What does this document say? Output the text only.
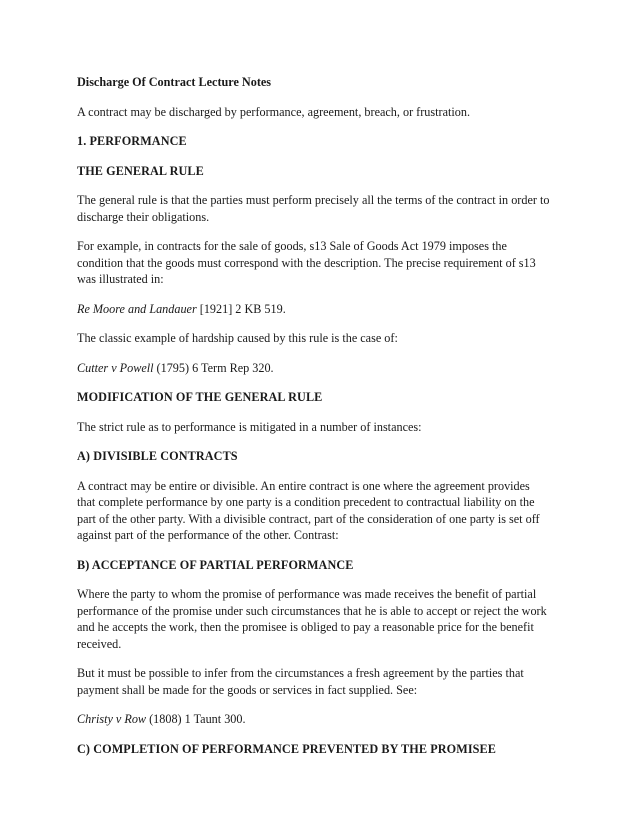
Discharge Of Contract Lecture Notes
A contract may be discharged by performance, agreement, breach, or frustration.
1. PERFORMANCE
THE GENERAL RULE
The general rule is that the parties must perform precisely all the terms of the contract in order to
discharge their obligations.
For example, in contracts for the sale of goods, s13 Sale of Goods Act 1979 imposes the
condition that the goods must correspond with the description. The precise requirement of s13
was illustrated in:
Re Moore and Landauer [1921] 2 KB 519.
The classic example of hardship caused by this rule is the case of:
Cutter v Powell (1795) 6 Term Rep 320.
MODIFICATION OF THE GENERAL RULE
The strict rule as to performance is mitigated in a number of instances:
A) DIVISIBLE CONTRACTS
A contract may be entire or divisible. An entire contract is one where the agreement provides
that complete performance by one party is a condition precedent to contractual liability on the
part of the other party. With a divisible contract, part of the consideration of one party is set off
against part of the performance of the other. Contrast:
B) ACCEPTANCE OF PARTIAL PERFORMANCE
Where the party to whom the promise of performance was made receives the benefit of partial
performance of the promise under such circumstances that he is able to accept or reject the work
and he accepts the work, then the promisee is obliged to pay a reasonable price for the benefit
received.
But it must be possible to infer from the circumstances a fresh agreement by the parties that
payment shall be made for the goods or services in fact supplied. See:
Christy v Row (1808) 1 Taunt 300.
C) COMPLETION OF PERFORMANCE PREVENTED BY THE PROMISEE
